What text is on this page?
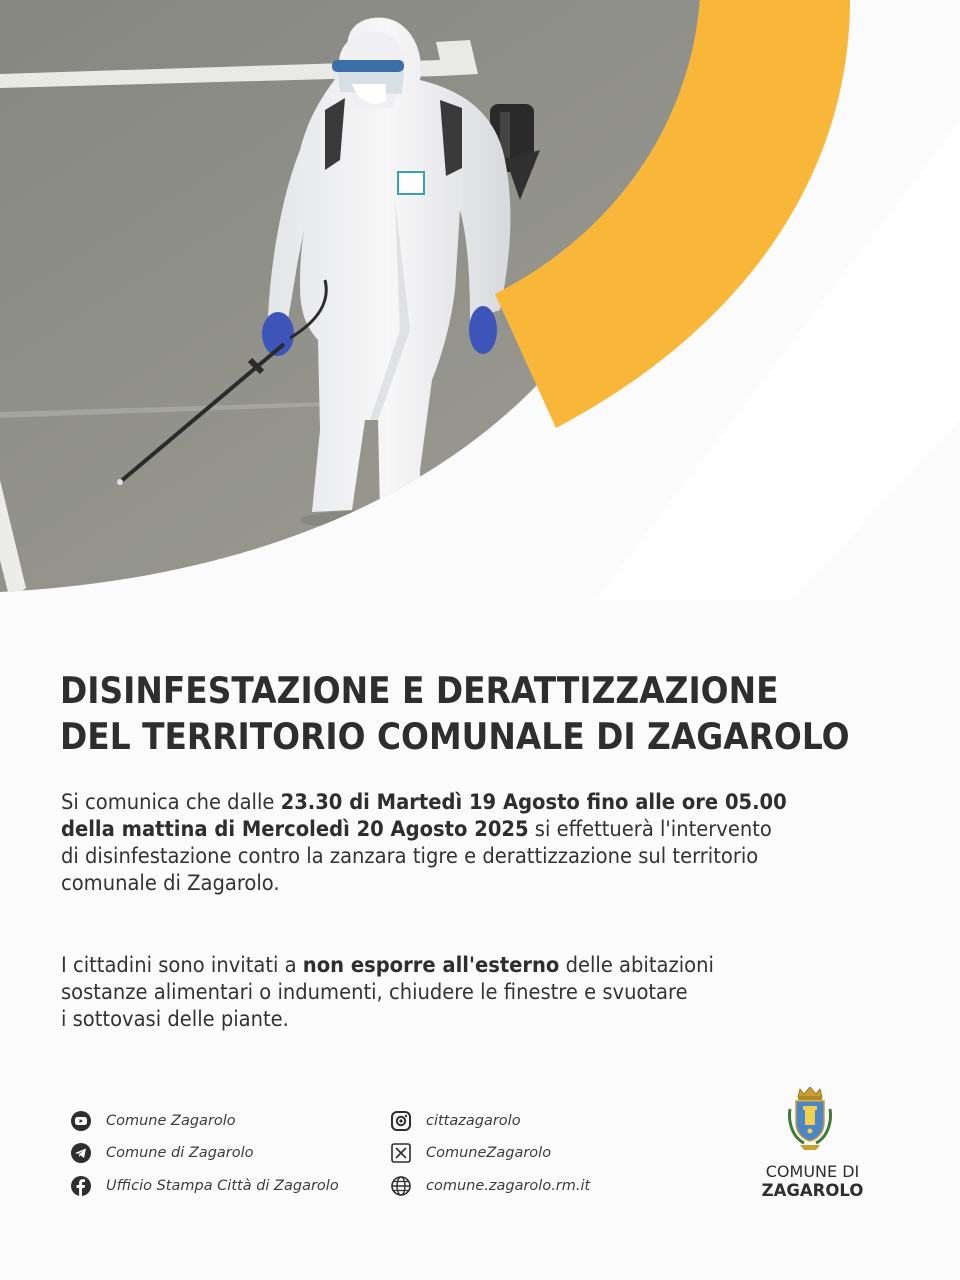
DISINFESTAZIONE E DERATTIZZAZIONE
DEL TERRITORIO COMUNALE DI ZAGAROLO
Si comunica che dalle 23.30 di Martedì 19 Agosto fino alle ore 05.00
della mattina di Mercoledì 20 Agosto 2025 si effettuerà l'intervento
di disinfestazione contro la zanzara tigre e derattizzazione sul territorio
comunale di Zagarolo.
I cittadini sono invitati a non esporre all'esterno delle abitazioni
sostanze alimentari o indumenti, chiudere le finestre e svuotare
i sottovasi delle piante.
Comune Zagarolo
Comune di Zagarolo
Ufficio Stampa Città di Zagarolo
cittazagarolo
ComuneZagarolo
comune.zagarolo.rm.it
COMUNE DI
ZAGAROLO
